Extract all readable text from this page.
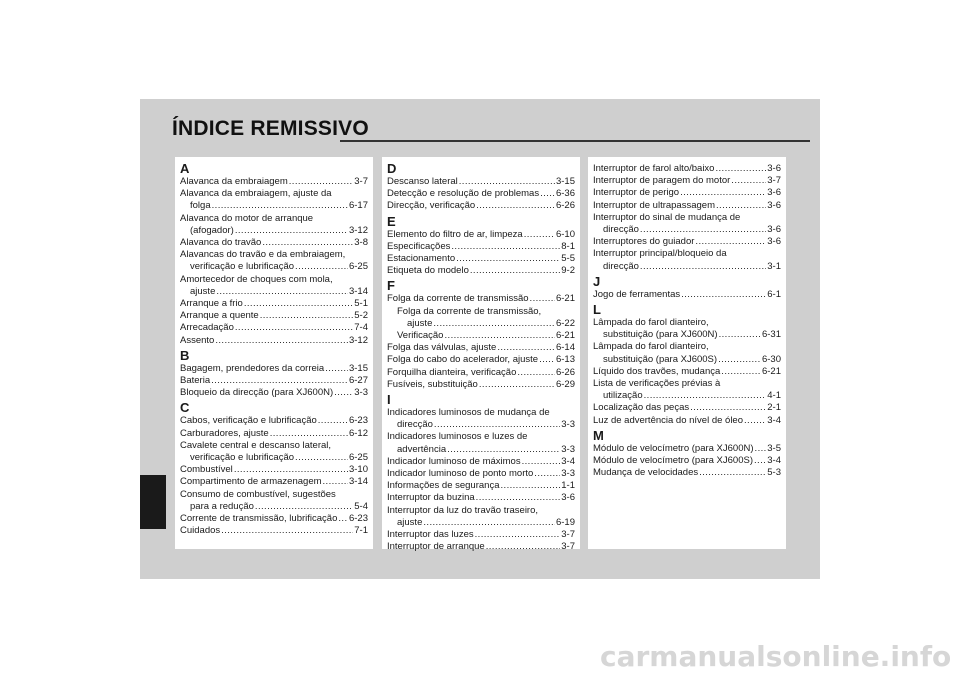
ÍNDICE REMISSIVO
A
Alavanca da embraiagem .....	3-7
Alavanca da embraiagem, ajuste da
folga .....	6-17
Alavanca do motor de arranque
(afogador) .....	3-12
Alavanca do travão .....	3-8
Alavancas do travão e da embraiagem,
verificação e lubrificação .....	6-25
Amortecedor de choques com mola,
ajuste .....	3-14
Arranque a frio .....	5-1
Arranque a quente .....	5-2
Arrecadação .....	7-4
Assento .....	3-12
B
Bagagem, prendedores da correia .....	3-15
Bateria .....	6-27
Bloqueio da direcção (para XJ600N) ..... 3-3
C
Cabos, verificação e lubrificação .....	6-23
Carburadores, ajuste .....	6-12
Cavalete central e descanso lateral,
verificação e lubrificação .....	6-25
Combustível .....	3-10
Compartimento de armazenagem .....	3-14
Consumo de combustível, sugestões
para a redução .....	5-4
Corrente de transmissão, lubrificação ..... 6-23
Cuidados .....	7-1
D
Descanso lateral .....	3-15
Detecção e resolução de problemas ..... 6-36
Direcção, verificação .....	6-26
E
Elemento do filtro de ar, limpeza .....	6-10
Especificações .....	8-1
Estacionamento .....	5-5
Etiqueta do modelo .....	9-2
F
Folga da corrente de transmissão .....	6-21
Folga da corrente de transmissão,
ajuste .....	6-22
Verificação .....	6-21
Folga das válvulas, ajuste .....	6-14
Folga do cabo do acelerador, ajuste ..... 6-13
Forquilha dianteira, verificação .....	6-26
Fusíveis, substituição .....	6-29
I
Indicadores luminosos de mudança de
direcção .....	3-3
Indicadores luminosos e luzes de
advertência .....	3-3
Indicador luminoso de máximos .....	3-4
Indicador luminoso de ponto morto .....	3-3
Informações de segurança .....	1-1
Interruptor da buzina .....	3-6
Interruptor da luz do travão traseiro,
ajuste .....	6-19
Interruptor das luzes .....	3-7
Interruptor de arranque .....	3-7
Interruptor de farol alto/baixo .....	3-6
Interruptor de paragem do motor .....	3-7
Interruptor de perigo .....	3-6
Interruptor de ultrapassagem .....	3-6
Interruptor do sinal de mudança de
direcção .....	3-6
Interruptores do guiador .....	3-6
Interruptor principal/bloqueio da
direcção .....	3-1
J
Jogo de ferramentas .....	6-1
L
Lâmpada do farol dianteiro,
substituição (para XJ600N) .....	6-31
Lâmpada do farol dianteiro,
substituição (para XJ600S) .....	6-30
Líquido dos travões, mudança .....	6-21
Lista de verificações prévias à
utilização .....	4-1
Localização das peças .....	2-1
Luz de advertência do nível de óleo .....	3-4
M
Módulo de velocímetro (para XJ600N) ..... 3-5
Módulo de velocímetro (para XJ600S) ..... 3-4
Mudança de velocidades .....	5-3
carmanualsonline.info
